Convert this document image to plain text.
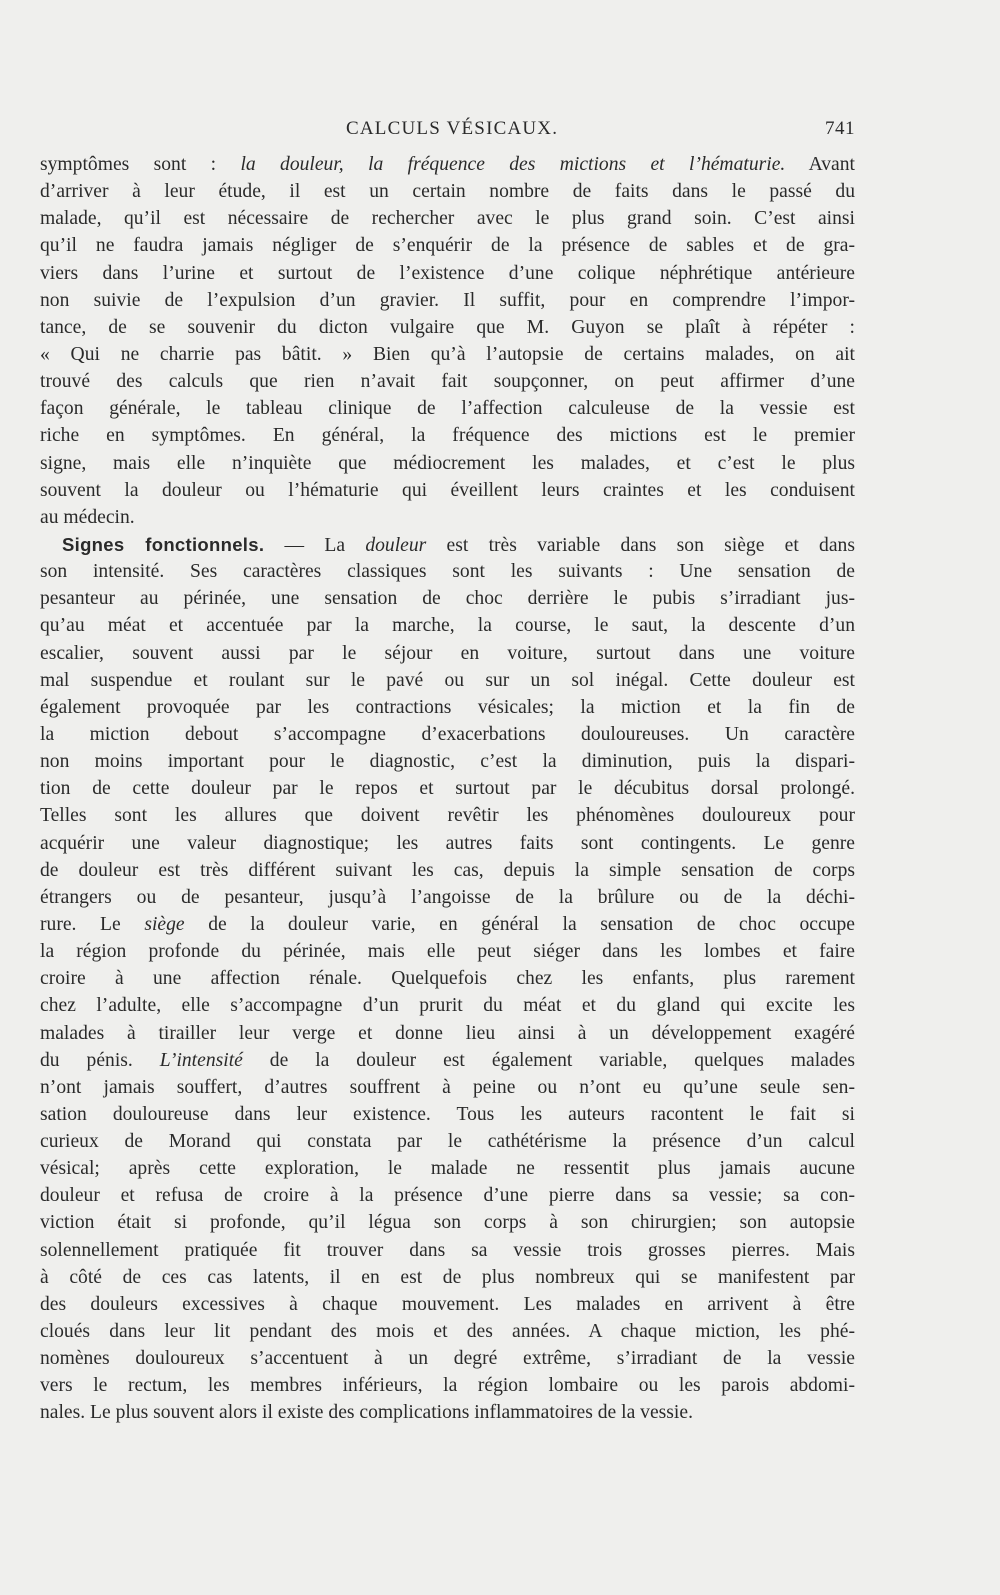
CALCULS VÉSICAUX.	741
symptômes sont : la douleur, la fréquence des mictions et l’hématurie. Avant
d’arriver à leur étude, il est un certain nombre de faits dans le passé du
malade, qu’il est nécessaire de rechercher avec le plus grand soin. C’est ainsi
qu’il ne faudra jamais négliger de s’enquérir de la présence de sables et de gra-
viers dans l’urine et surtout de l’existence d’une colique néphrétique antérieure
non suivie de l’expulsion d’un gravier. Il suffit, pour en comprendre l’impor-
tance, de se souvenir du dicton vulgaire que M. Guyon se plaît à répéter :
« Qui ne charrie pas bâtit. » Bien qu’à l’autopsie de certains malades, on ait
trouvé des calculs que rien n’avait fait soupçonner, on peut affirmer d’une
façon générale, le tableau clinique de l’affection calculeuse de la vessie est
riche en symptômes. En général, la fréquence des mictions est le premier
signe, mais elle n’inquiète que médiocrement les malades, et c’est le plus
souvent la douleur ou l’hématurie qui éveillent leurs craintes et les conduisent
au médecin.
Signes fonctionnels. — La douleur est très variable dans son siège et dans
son intensité. Ses caractères classiques sont les suivants : Une sensation de
pesanteur au périnée, une sensation de choc derrière le pubis s’irradiant jus-
qu’au méat et accentuée par la marche, la course, le saut, la descente d’un
escalier, souvent aussi par le séjour en voiture, surtout dans une voiture
mal suspendue et roulant sur le pavé ou sur un sol inégal. Cette douleur est
également provoquée par les contractions vésicales; la miction et la fin de
la miction debout s’accompagne d’exacerbations douloureuses. Un caractère
non moins important pour le diagnostic, c’est la diminution, puis la dispari-
tion de cette douleur par le repos et surtout par le décubitus dorsal prolongé.
Telles sont les allures que doivent revêtir les phénomènes douloureux pour
acquérir une valeur diagnostique; les autres faits sont contingents. Le genre
de douleur est très différent suivant les cas, depuis la simple sensation de corps
étrangers ou de pesanteur, jusqu’à l’angoisse de la brûlure ou de la déchi-
rure. Le siège de la douleur varie, en général la sensation de choc occupe
la région profonde du périnée, mais elle peut siéger dans les lombes et faire
croire à une affection rénale. Quelquefois chez les enfants, plus rarement
chez l’adulte, elle s’accompagne d’un prurit du méat et du gland qui excite les
malades à tirailler leur verge et donne lieu ainsi à un développement exagéré
du pénis. L’intensité de la douleur est également variable, quelques malades
n’ont jamais souffert, d’autres souffrent à peine ou n’ont eu qu’une seule sen-
sation douloureuse dans leur existence. Tous les auteurs racontent le fait si
curieux de Morand qui constata par le cathétérisme la présence d’un calcul
vésical; après cette exploration, le malade ne ressentit plus jamais aucune
douleur et refusa de croire à la présence d’une pierre dans sa vessie; sa con-
viction était si profonde, qu’il légua son corps à son chirurgien; son autopsie
solennellement pratiquée fit trouver dans sa vessie trois grosses pierres. Mais
à côté de ces cas latents, il en est de plus nombreux qui se manifestent par
des douleurs excessives à chaque mouvement. Les malades en arrivent à être
cloués dans leur lit pendant des mois et des années. A chaque miction, les phé-
nomènes douloureux s’accentuent à un degré extrême, s’irradiant de la vessie
vers le rectum, les membres inférieurs, la région lombaire ou les parois abdomi-
nales. Le plus souvent alors il existe des complications inflammatoires de la vessie.
